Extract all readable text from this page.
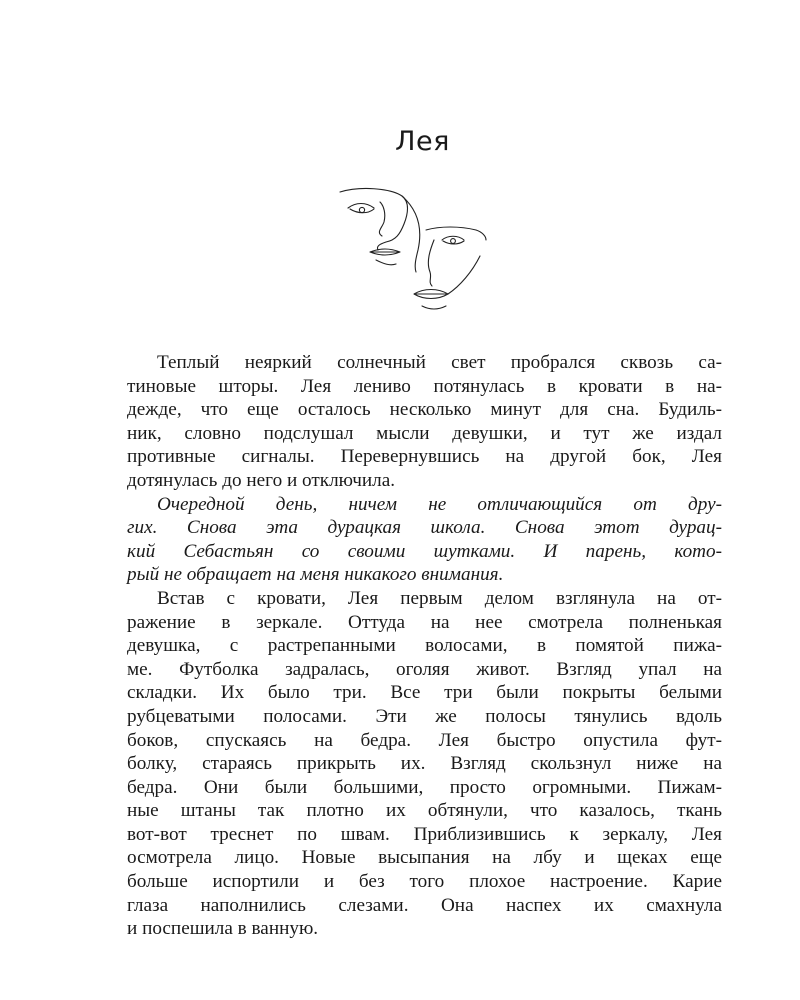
Лея

Теплый неяркий солнечный свет пробрался сквозь са-
тиновые шторы. Лея лениво потянулась в кровати в на-
дежде, что еще осталось несколько минут для сна. Будиль-
ник, словно подслушал мысли девушки, и тут же издал
противные сигналы. Перевернувшись на другой бок, Лея
дотянулась до него и отключила.

Очередной день, ничем не отличающийся от дру-
гих. Снова эта дурацкая школа. Снова этот дурац-
кий Себастьян со своими шутками. И парень, кото-
рый не обращает на меня никакого внимания.

Встав с кровати, Лея первым делом взглянула на от-
ражение в зеркале. Оттуда на нее смотрела полненькая
девушка, с растрепанными волосами, в помятой пижа-
ме. Футболка задралась, оголяя живот. Взгляд упал на
складки. Их было три. Все три были покрыты белыми
рубцеватыми полосами. Эти же полосы тянулись вдоль
боков, спускаясь на бедра. Лея быстро опустила фут-
болку, стараясь прикрыть их. Взгляд скользнул ниже на
бедра. Они были большими, просто огромными. Пижам-
ные штаны так плотно их обтянули, что казалось, ткань
вот-вот треснет по швам. Приблизившись к зеркалу, Лея
осмотрела лицо. Новые высыпания на лбу и щеках еще
больше испортили и без того плохое настроение. Карие
глаза наполнились слезами. Она наспех их смахнула
и поспешила в ванную.
